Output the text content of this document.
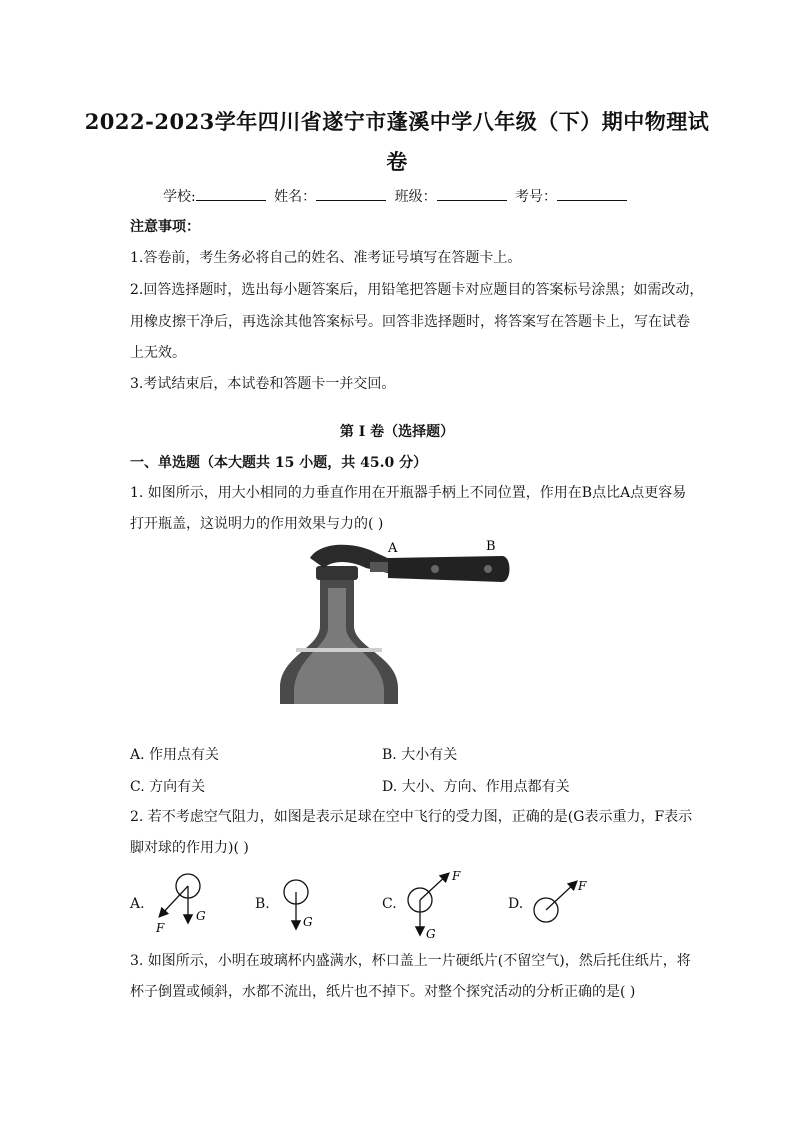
2022-2023学年四川省遂宁市蓬溪中学八年级（下）期中物理试
卷
学校:	姓名：	班级：	考号：
注意事项：
1.答卷前，考生务必将自己的姓名、准考证号填写在答题卡上。
2.回答选择题时，选出每小题答案后，用铅笔把答题卡对应题目的答案标号涂黑；如需改动，
用橡皮擦干净后，再选涂其他答案标号。回答非选择题时，将答案写在答题卡上，写在试卷
上无效。
3.考试结束后，本试卷和答题卡一并交回。
第 I 卷（选择题）
一、单选题（本大题共 15 小题，共 45.0 分）
1. 如图所示，用大小相同的力垂直作用在开瓶器手柄上不同位置，作用在B点比A点更容易
打开瓶盖，这说明力的作用效果与力的( )
A	B
A. 作用点有关	B. 大小有关
C. 方向有关	D. 大小、方向、作用点都有关
2. 若不考虑空气阻力，如图是表示足球在空中飞行的受力图，正确的是(G表示重力，F表示
脚对球的作用力)( )
A.	B.	C.	D.
G
F	G
G
F
F
3. 如图所示，小明在玻璃杯内盛满水，杯口盖上一片硬纸片(不留空气)，然后托住纸片，将
杯子倒置或倾斜，水都不流出，纸片也不掉下。对整个探究活动的分析正确的是( )
